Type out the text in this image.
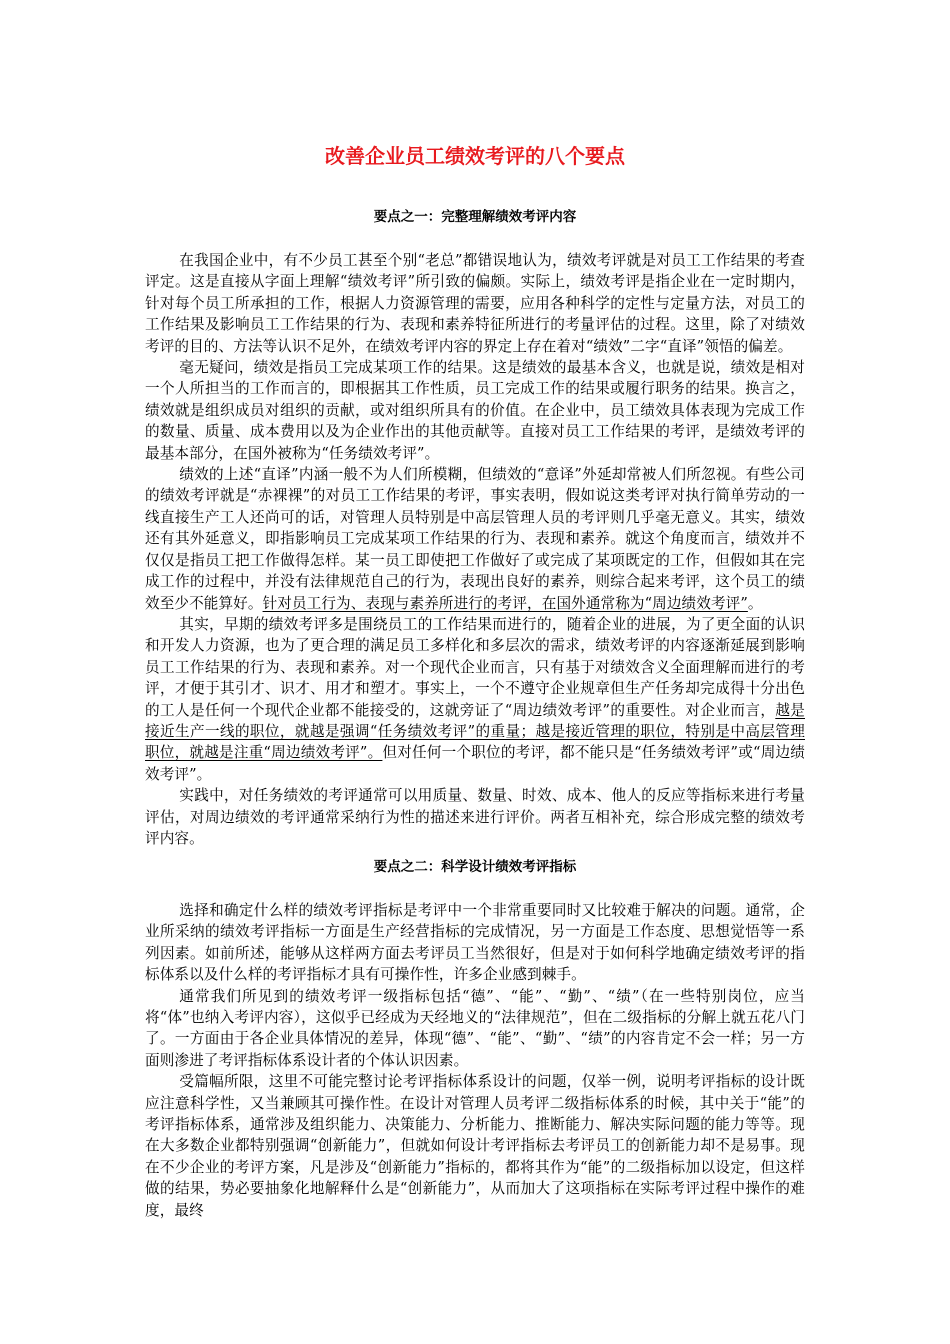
改善企业员工绩效考评的八个要点
要点之一：完整理解绩效考评内容

在我国企业中，有不少员工甚至个别“老总”都错误地认为，绩效考评就是对员工工作结果的考查评定。这是直接从字面上理解“绩效考评”所引致的偏颇。实际上，绩效考评是指企业在一定时期内，针对每个员工所承担的工作，根据人力资源管理的需要，应用各种科学的定性与定量方法，对员工的工作结果及影响员工工作结果的行为、表现和素养特征所进行的考量评估的过程。这里，除了对绩效考评的目的、方法等认识不足外，在绩效考评内容的界定上存在着对“绩效”二字“直译”领悟的偏差。

毫无疑问，绩效是指员工完成某项工作的结果。这是绩效的最基本含义，也就是说，绩效是相对一个人所担当的工作而言的，即根据其工作性质，员工完成工作的结果或履行职务的结果。换言之，绩效就是组织成员对组织的贡献，或对组织所具有的价值。在企业中，员工绩效具体表现为完成工作的数量、质量、成本费用以及为企业作出的其他贡献等。直接对员工工作结果的考评，是绩效考评的最基本部分，在国外被称为“任务绩效考评”。

绩效的上述“直译”内涵一般不为人们所模糊，但绩效的“意译”外延却常被人们所忽视。有些公司的绩效考评就是“赤裸裸”的对员工工作结果的考评，事实表明，假如说这类考评对执行简单劳动的一线直接生产工人还尚可的话，对管理人员特别是中高层管理人员的考评则几乎毫无意义。其实，绩效还有其外延意义，即指影响员工完成某项工作结果的行为、表现和素养。就这个角度而言，绩效并不仅仅是指员工把工作做得怎样。某一员工即使把工作做好了或完成了某项既定的工作，但假如其在完成工作的过程中，并没有法律规范自己的行为，表现出良好的素养，则综合起来考评，这个员工的绩效至少不能算好。针对员工行为、表现与素养所进行的考评，在国外通常称为“周边绩效考评”。

其实，早期的绩效考评多是围绕员工的工作结果而进行的，随着企业的进展，为了更全面的认识和开发人力资源，也为了更合理的满足员工多样化和多层次的需求，绩效考评的内容逐渐延展到影响员工工作结果的行为、表现和素养。对一个现代企业而言，只有基于对绩效含义全面理解而进行的考评，才便于其引才、识才、用才和塑才。事实上，一个不遵守企业规章但生产任务却完成得十分出色的工人是任何一个现代企业都不能接受的，这就旁证了“周边绩效考评”的重要性。对企业而言，越是接近生产一线的职位，就越是强调“任务绩效考评”的重量；越是接近管理的职位，特别是中高层管理职位，就越是注重“周边绩效考评”。但对任何一个职位的考评，都不能只是“任务绩效考评”或“周边绩效考评”。

实践中，对任务绩效的考评通常可以用质量、数量、时效、成本、他人的反应等指标来进行考量评估，对周边绩效的考评通常采纳行为性的描述来进行评价。两者互相补充，综合形成完整的绩效考评内容。

要点之二：科学设计绩效考评指标

选择和确定什么样的绩效考评指标是考评中一个非常重要同时又比较难于解决的问题。通常，企业所采纳的绩效考评指标一方面是生产经营指标的完成情况，另一方面是工作态度、思想觉悟等一系列因素。如前所述，能够从这样两方面去考评员工当然很好，但是对于如何科学地确定绩效考评的指标体系以及什么样的考评指标才具有可操作性，许多企业感到棘手。

通常我们所见到的绩效考评一级指标包括“德”、“能”、“勤”、“绩”（在一些特别岗位，应当将“体”也纳入考评内容），这似乎已经成为天经地义的“法律规范”，但在二级指标的分解上就五花八门了。一方面由于各企业具体情况的差异，体现“德”、“能”、“勤”、“绩”的内容肯定不会一样；另一方面则渗进了考评指标体系设计者的个体认识因素。

受篇幅所限，这里不可能完整讨论考评指标体系设计的问题，仅举一例，说明考评指标的设计既应注意科学性，又当兼顾其可操作性。在设计对管理人员考评二级指标体系的时候，其中关于“能”的考评指标体系，通常涉及组织能力、决策能力、分析能力、推断能力、解决实际问题的能力等等。现在大多数企业都特别强调“创新能力”，但就如何设计考评指标去考评员工的创新能力却不是易事。现在不少企业的考评方案，凡是涉及“创新能力”指标的，都将其作为“能”的二级指标加以设定，但这样做的结果，势必要抽象化地解释什么是“创新能力”，从而加大了这项指标在实际考评过程中操作的难度，最终
